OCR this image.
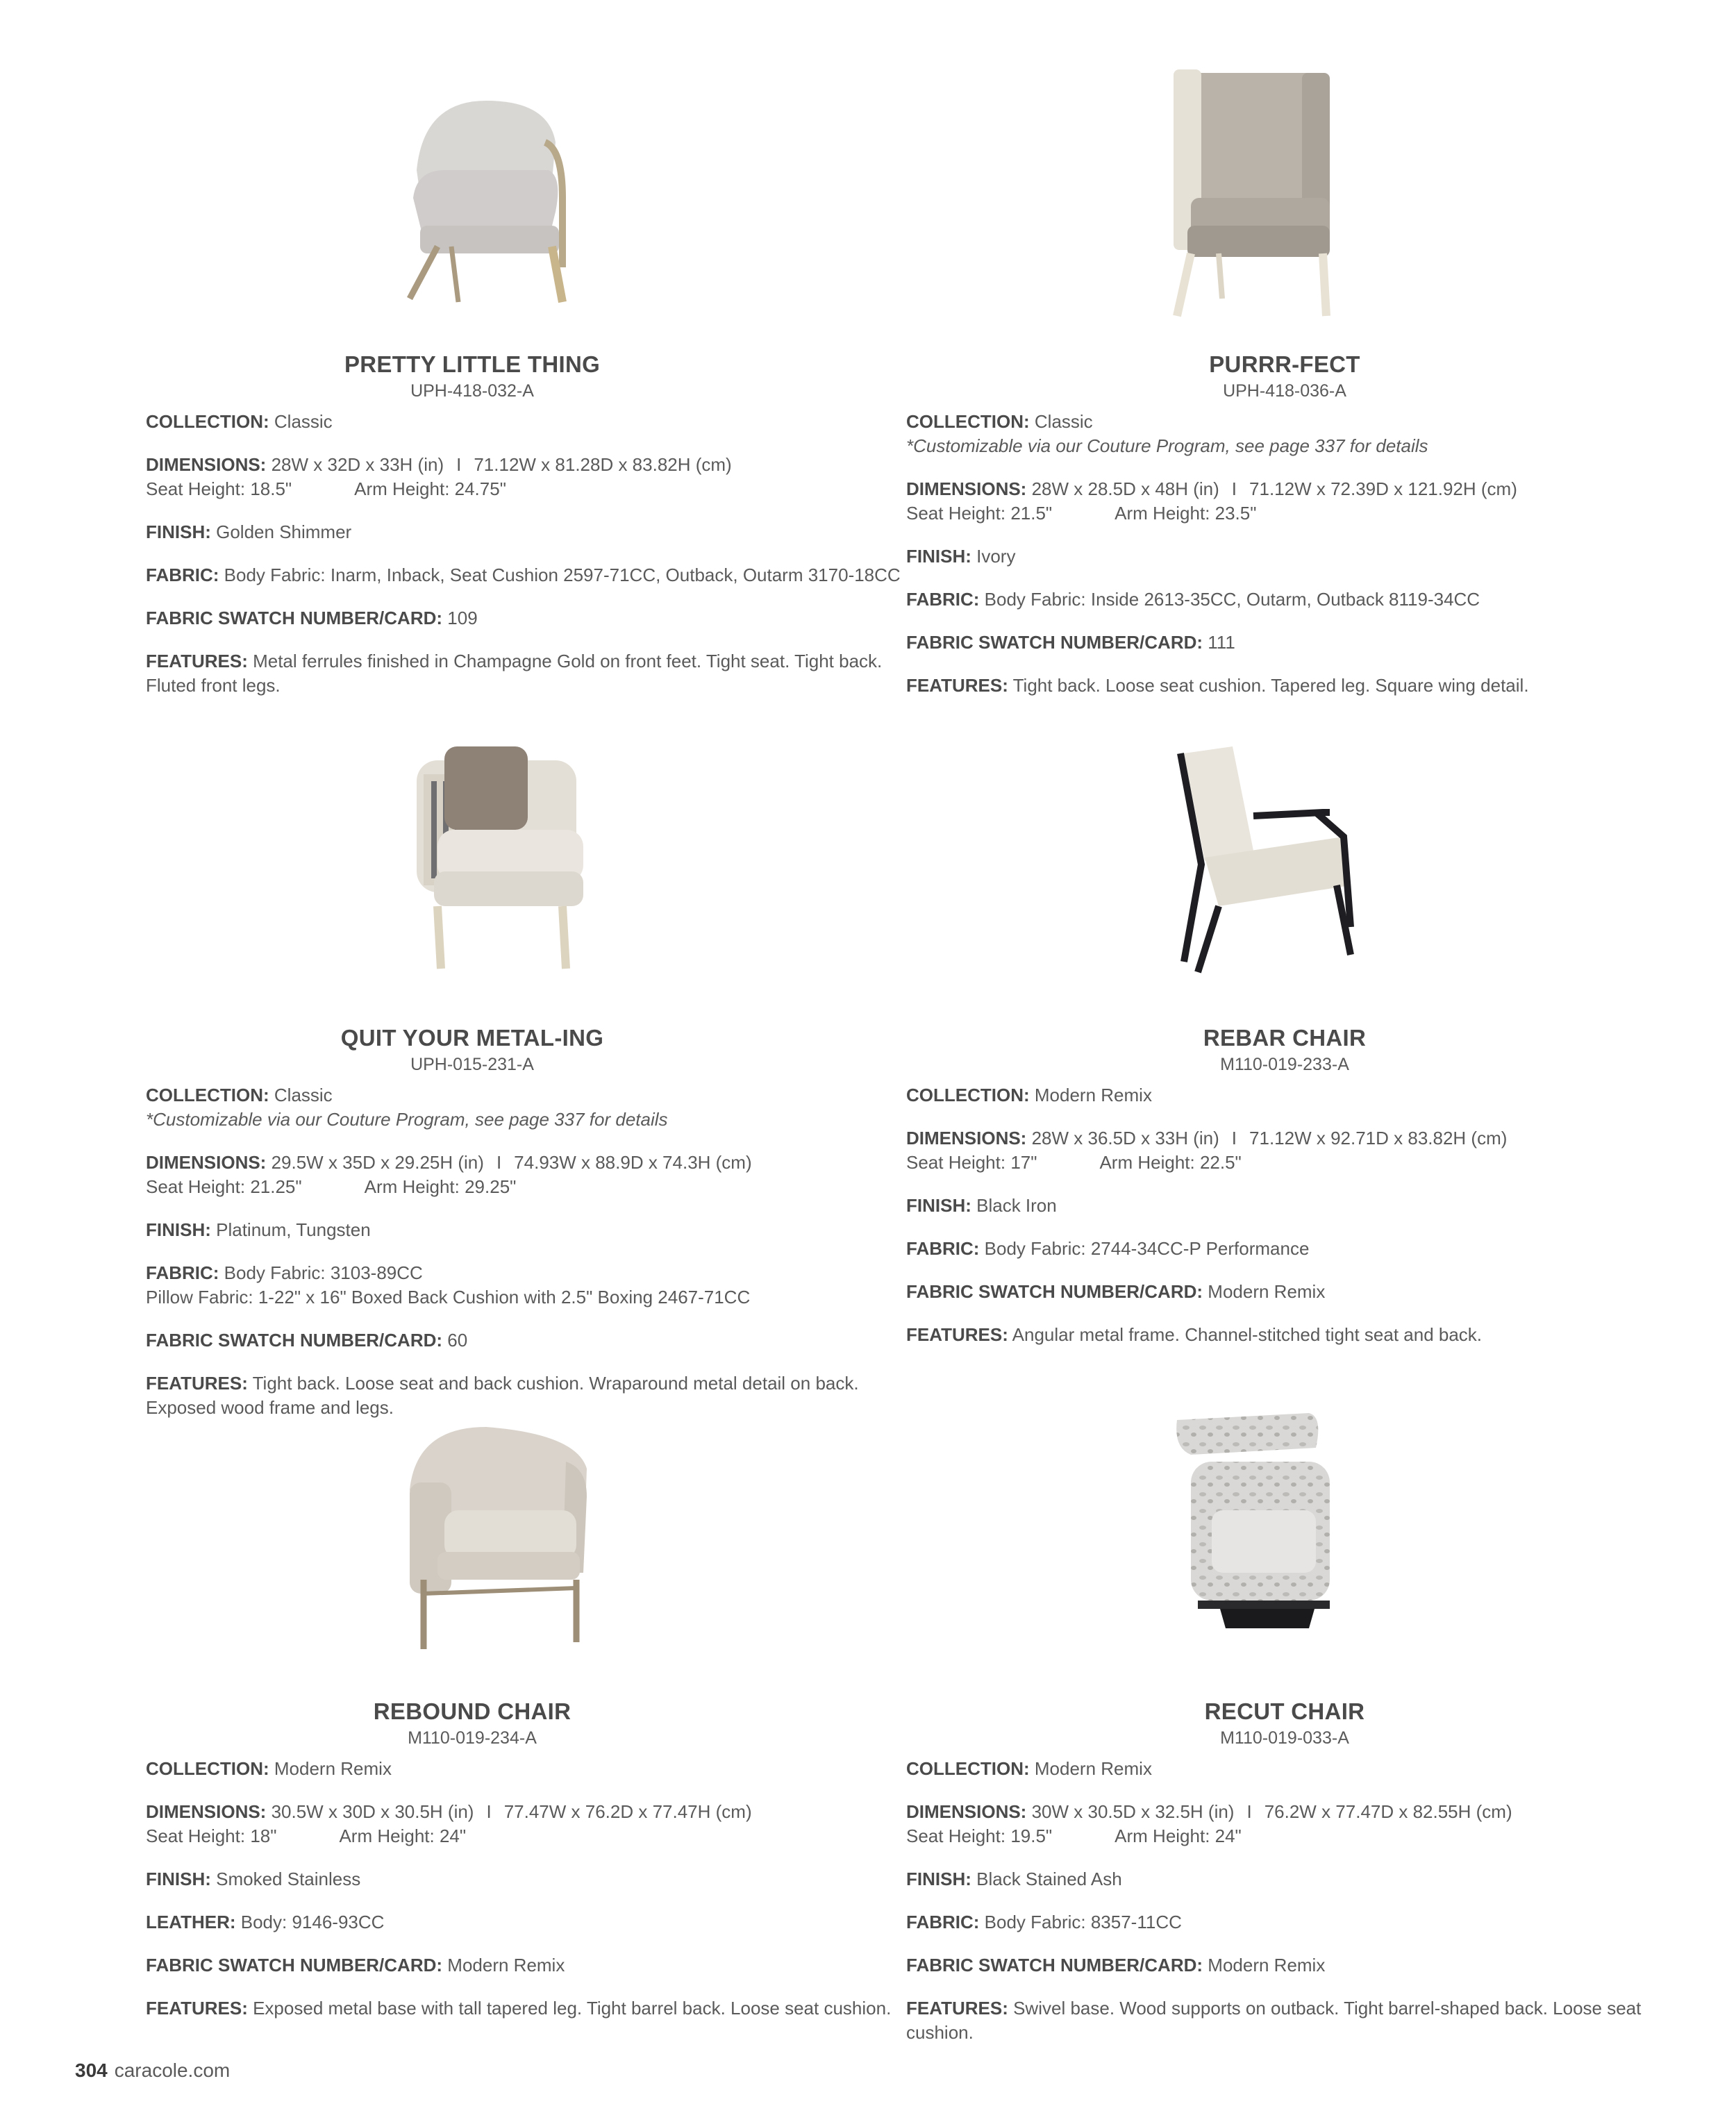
PRETTY LITTLE THING
UPH-418-032-A
COLLECTION: Classic
DIMENSIONS: 28W x 32D x 33H (in) I 71.12W x 81.28D x 83.82H (cm)
Seat Height: 18.5"	Arm Height: 24.75"
FINISH: Golden Shimmer
FABRIC: Body Fabric: Inarm, Inback, Seat Cushion 2597-71CC, Outback, Outarm 3170-18CC
FABRIC SWATCH NUMBER/CARD: 109
FEATURES: Metal ferrules finished in Champagne Gold on front feet. Tight seat. Tight back. Fluted front legs.
PURRR-FECT
UPH-418-036-A
COLLECTION: Classic
*Customizable via our Couture Program, see page 337 for details
DIMENSIONS: 28W x 28.5D x 48H (in) I 71.12W x 72.39D x 121.92H (cm)
Seat Height: 21.5"	Arm Height: 23.5"
FINISH: Ivory
FABRIC: Body Fabric: Inside 2613-35CC, Outarm, Outback 8119-34CC
FABRIC SWATCH NUMBER/CARD: 111
FEATURES: Tight back. Loose seat cushion. Tapered leg. Square wing detail.
QUIT YOUR METAL-ING
UPH-015-231-A
COLLECTION: Classic
*Customizable via our Couture Program, see page 337 for details
DIMENSIONS: 29.5W x 35D x 29.25H (in) I 74.93W x 88.9D x 74.3H (cm)
Seat Height: 21.25"	Arm Height: 29.25"
FINISH: Platinum, Tungsten
FABRIC: Body Fabric: 3103-89CC
Pillow Fabric: 1-22" x 16" Boxed Back Cushion with 2.5" Boxing 2467-71CC
FABRIC SWATCH NUMBER/CARD: 60
FEATURES: Tight back. Loose seat and back cushion. Wraparound metal detail on back. Exposed wood frame and legs.
REBAR CHAIR
M110-019-233-A
COLLECTION: Modern Remix
DIMENSIONS: 28W x 36.5D x 33H (in) I 71.12W x 92.71D x 83.82H (cm)
Seat Height: 17"	Arm Height: 22.5"
FINISH: Black Iron
FABRIC: Body Fabric: 2744-34CC-P Performance
FABRIC SWATCH NUMBER/CARD: Modern Remix
FEATURES: Angular metal frame. Channel-stitched tight seat and back.
REBOUND CHAIR
M110-019-234-A
COLLECTION: Modern Remix
DIMENSIONS: 30.5W x 30D x 30.5H (in) I 77.47W x 76.2D x 77.47H (cm)
Seat Height: 18"	Arm Height: 24"
FINISH: Smoked Stainless
LEATHER: Body: 9146-93CC
FABRIC SWATCH NUMBER/CARD: Modern Remix
FEATURES: Exposed metal base with tall tapered leg. Tight barrel back. Loose seat cushion.
RECUT CHAIR
M110-019-033-A
COLLECTION: Modern Remix
DIMENSIONS: 30W x 30.5D x 32.5H (in) I 76.2W x 77.47D x 82.55H (cm)
Seat Height: 19.5"	Arm Height: 24"
FINISH: Black Stained Ash
FABRIC: Body Fabric: 8357-11CC
FABRIC SWATCH NUMBER/CARD: Modern Remix
FEATURES: Swivel base. Wood supports on outback. Tight barrel-shaped back. Loose seat cushion.
304 caracole.com
